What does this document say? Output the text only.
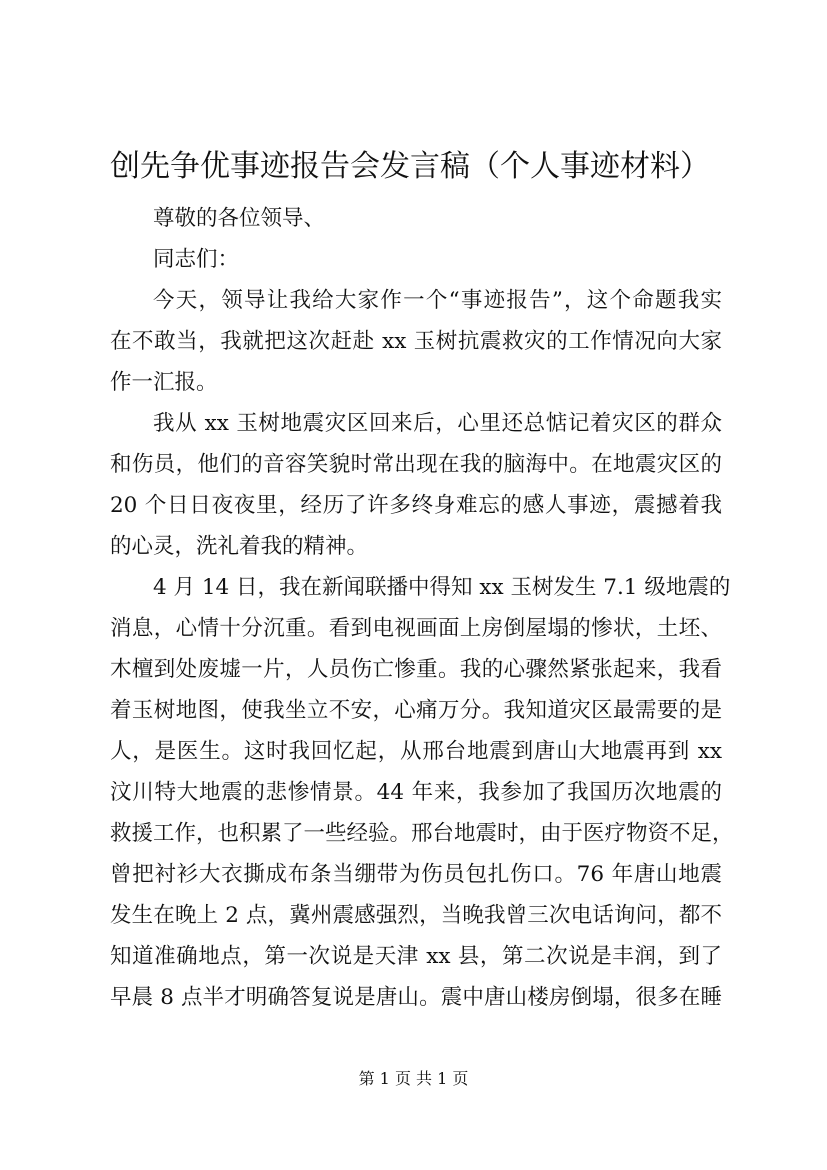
创先争优事迹报告会发言稿（个人事迹材料）

尊敬的各位领导、

同志们：

今天，领导让我给大家作一个“事迹报告”，这个命题我实

在不敢当，我就把这次赶赴 xx 玉树抗震救灾的工作情况向大家

作一汇报。

我从 xx 玉树地震灾区回来后，心里还总惦记着灾区的群众

和伤员，他们的音容笑貌时常出现在我的脑海中。在地震灾区的

20 个日日夜夜里，经历了许多终身难忘的感人事迹，震撼着我

的心灵，洗礼着我的精神。

4 月 14 日，我在新闻联播中得知 xx 玉树发生 7.1 级地震的

消息，心情十分沉重。看到电视画面上房倒屋塌的惨状，土坯、

木檀到处废墟一片，人员伤亡惨重。我的心骤然紧张起来，我看

着玉树地图，使我坐立不安，心痛万分。我知道灾区最需要的是

人，是医生。这时我回忆起，从邢台地震到唐山大地震再到 xx

汶川特大地震的悲惨情景。44 年来，我参加了我国历次地震的

救援工作，也积累了一些经验。邢台地震时，由于医疗物资不足，

曾把衬衫大衣撕成布条当绷带为伤员包扎伤口。76 年唐山地震

发生在晚上 2 点，冀州震感强烈，当晚我曾三次电话询问，都不

知道准确地点，第一次说是天津 xx 县，第二次说是丰润，到了

早晨 8 点半才明确答复说是唐山。震中唐山楼房倒塌，很多在睡

第 1 页 共 1 页
